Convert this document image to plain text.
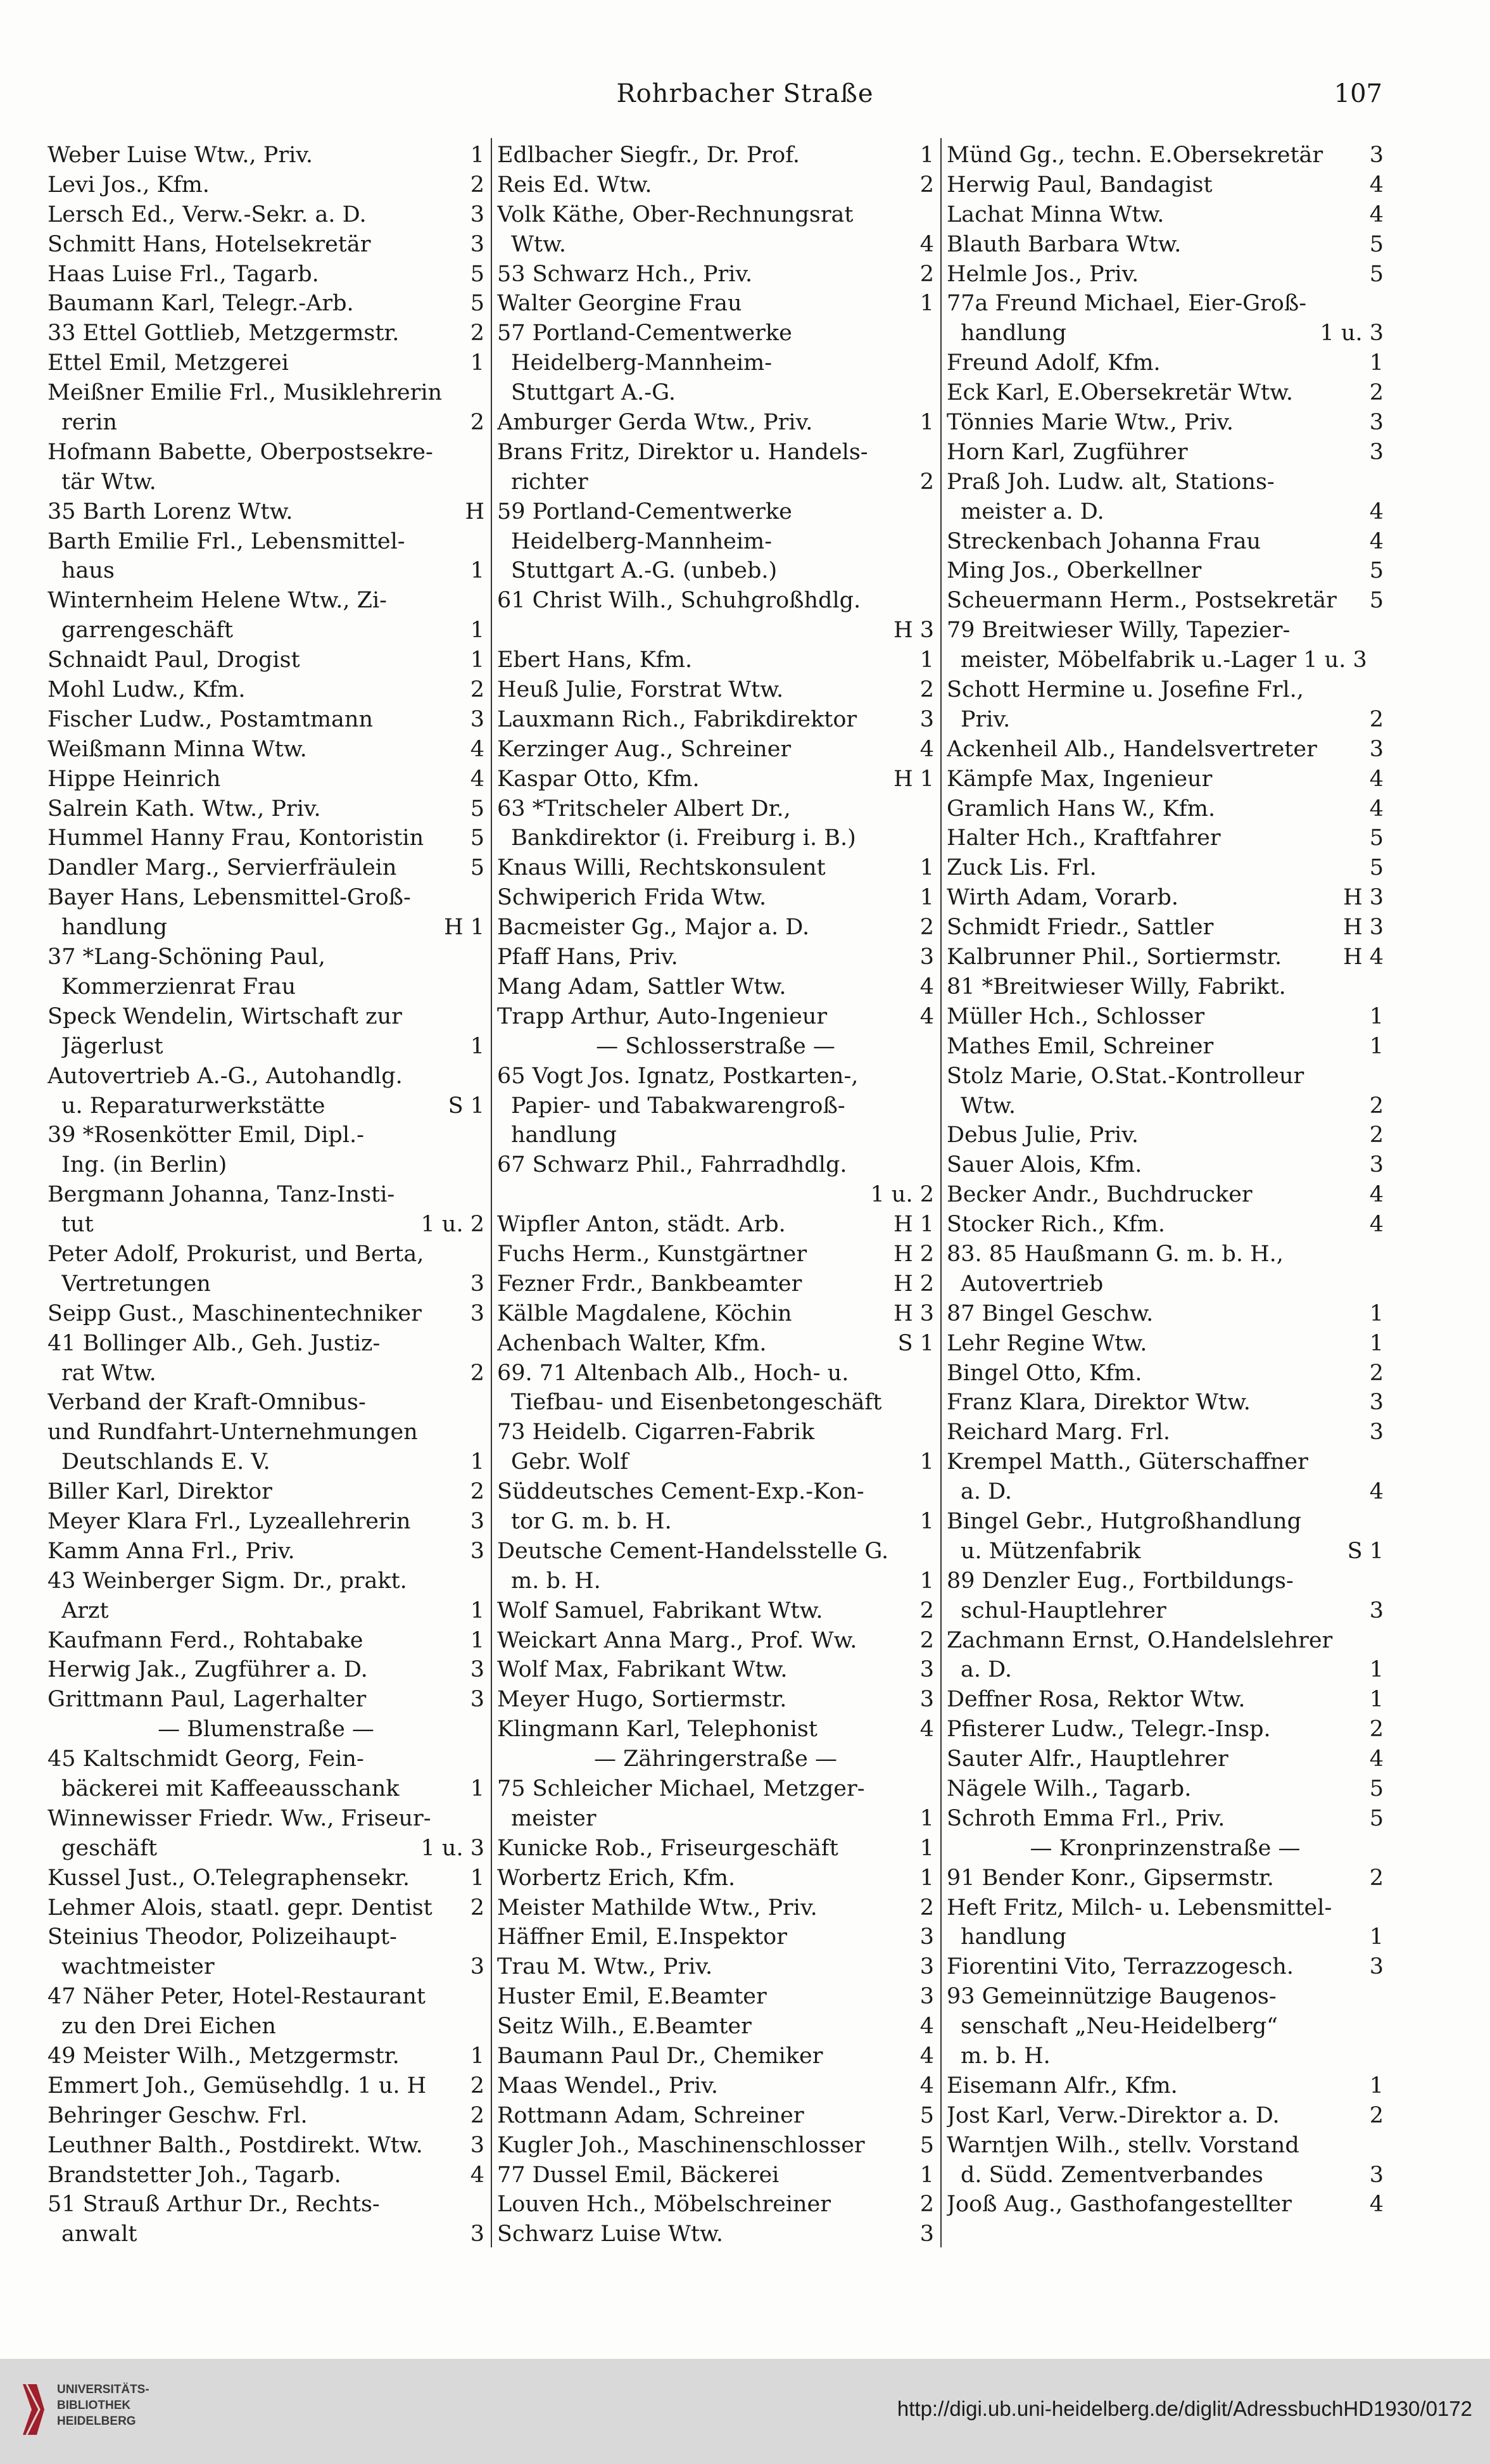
Rohrbacher Straße	107
Weber Luise Wtw., Priv.	1
Levi Jos., Kfm.	2
Lersch Ed., Verw.-Sekr. a. D.	3
Schmitt Hans, Hotelsekretär	3
Haas Luise Frl., Tagarb.	5
Baumann Karl, Telegr.-Arb.	5
33 Ettel Gottlieb, Metzgermstr.	2
Ettel Emil, Metzgerei	1
Meißner Emilie Frl., Musiklehrerin
rerin	2
Hofmann Babette, Oberpostsekre-
tär Wtw.
35 Barth Lorenz Wtw.	H
Barth Emilie Frl., Lebensmittel-
haus	1
Winternheim Helene Wtw., Zi-
garrengeschäft	1
Schnaidt Paul, Drogist	1
Mohl Ludw., Kfm.	2
Fischer Ludw., Postamtmann	3
Weißmann Minna Wtw.	4
Hippe Heinrich	4
Salrein Kath. Wtw., Priv.	5
Hummel Hanny Frau, Kontoristin	5
Dandler Marg., Servierfräulein	5
Bayer Hans, Lebensmittel-Groß-
handlung	H 1
37 *Lang-Schöning Paul,
Kommerzienrat Frau
Speck Wendelin, Wirtschaft zur
Jägerlust	1
Autovertrieb A.-G., Autohandlg.
u. Reparaturwerkstätte	S 1
39 *Rosenkötter Emil, Dipl.-
Ing. (in Berlin)
Bergmann Johanna, Tanz-Insti-
tut	1 u. 2
Peter Adolf, Prokurist, und Berta,
Vertretungen	3
Seipp Gust., Maschinentechniker	3
41 Bollinger Alb., Geh. Justiz-
rat Wtw.	2
Verband der Kraft-Omnibus-
und Rundfahrt-Unternehmungen
Deutschlands E. V.	1
Biller Karl, Direktor	2
Meyer Klara Frl., Lyzeallehrerin	3
Kamm Anna Frl., Priv.	3
43 Weinberger Sigm. Dr., prakt.
Arzt	1
Kaufmann Ferd., Rohtabake	1
Herwig Jak., Zugführer a. D.	3
Grittmann Paul, Lagerhalter	3
— Blumenstraße —
45 Kaltschmidt Georg, Fein-
bäckerei mit Kaffeeausschank	1
Winnewisser Friedr. Ww., Friseur-
geschäft	1 u. 3
Kussel Just., O.Telegraphensekr.	1
Lehmer Alois, staatl. gepr. Dentist	2
Steinius Theodor, Polizeihaupt-
wachtmeister	3
47 Näher Peter, Hotel-Restaurant
zu den Drei Eichen
49 Meister Wilh., Metzgermstr.	1
Emmert Joh., Gemüsehdlg. 1 u. H	2
Behringer Geschw. Frl.	2
Leuthner Balth., Postdirekt. Wtw.	3
Brandstetter Joh., Tagarb.	4
51 Strauß Arthur Dr., Rechts-
anwalt	3
Edlbacher Siegfr., Dr. Prof.	1
Reis Ed. Wtw.	2
Volk Käthe, Ober-Rechnungsrat
Wtw.	4
53 Schwarz Hch., Priv.	2
Walter Georgine Frau	1
57 Portland-Cementwerke
Heidelberg-Mannheim-
Stuttgart A.-G.
Amburger Gerda Wtw., Priv.	1
Brans Fritz, Direktor u. Handels-
richter	2
59 Portland-Cementwerke
Heidelberg-Mannheim-
Stuttgart A.-G. (unbeb.)
61 Christ Wilh., Schuhgroßhdlg.
H 3
Ebert Hans, Kfm.	1
Heuß Julie, Forstrat Wtw.	2
Lauxmann Rich., Fabrikdirektor	3
Kerzinger Aug., Schreiner	4
Kaspar Otto, Kfm.	H 1
63 *Tritscheler Albert Dr.,
Bankdirektor (i. Freiburg i. B.)
Knaus Willi, Rechtskonsulent	1
Schwiperich Frida Wtw.	1
Bacmeister Gg., Major a. D.	2
Pfaff Hans, Priv.	3
Mang Adam, Sattler Wtw.	4
Trapp Arthur, Auto-Ingenieur	4
— Schlosserstraße —
65 Vogt Jos. Ignatz, Postkarten-,
Papier- und Tabakwarengroß-
handlung
67 Schwarz Phil., Fahrradhdlg.
1 u. 2
Wipfler Anton, städt. Arb.	H 1
Fuchs Herm., Kunstgärtner	H 2
Fezner Frdr., Bankbeamter	H 2
Kälble Magdalene, Köchin	H 3
Achenbach Walter, Kfm.	S 1
69. 71 Altenbach Alb., Hoch- u.
Tiefbau- und Eisenbetongeschäft
73 Heidelb. Cigarren-Fabrik
Gebr. Wolf	1
Süddeutsches Cement-Exp.-Kon-
tor G. m. b. H.	1
Deutsche Cement-Handelsstelle G.
m. b. H.	1
Wolf Samuel, Fabrikant Wtw.	2
Weickart Anna Marg., Prof. Ww.	2
Wolf Max, Fabrikant Wtw.	3
Meyer Hugo, Sortiermstr.	3
Klingmann Karl, Telephonist	4
— Zähringerstraße —
75 Schleicher Michael, Metzger-
meister	1
Kunicke Rob., Friseurgeschäft	1
Worbertz Erich, Kfm.	1
Meister Mathilde Wtw., Priv.	2
Häffner Emil, E.Inspektor	3
Trau M. Wtw., Priv.	3
Huster Emil, E.Beamter	3
Seitz Wilh., E.Beamter	4
Baumann Paul Dr., Chemiker	4
Maas Wendel., Priv.	4
Rottmann Adam, Schreiner	5
Kugler Joh., Maschinenschlosser	5
77 Dussel Emil, Bäckerei	1
Louven Hch., Möbelschreiner	2
Schwarz Luise Wtw.	3
Münd Gg., techn. E.Obersekretär	3
Herwig Paul, Bandagist	4
Lachat Minna Wtw.	4
Blauth Barbara Wtw.	5
Helmle Jos., Priv.	5
77a Freund Michael, Eier-Groß-
handlung	1 u. 3
Freund Adolf, Kfm.	1
Eck Karl, E.Obersekretär Wtw.	2
Tönnies Marie Wtw., Priv.	3
Horn Karl, Zugführer	3
Praß Joh. Ludw. alt, Stations-
meister a. D.	4
Streckenbach Johanna Frau	4
Ming Jos., Oberkellner	5
Scheuermann Herm., Postsekretär	5
79 Breitwieser Willy, Tapezier-
meister, Möbelfabrik u.-Lager 1 u. 3
Schott Hermine u. Josefine Frl.,
Priv.	2
Ackenheil Alb., Handelsvertreter	3
Kämpfe Max, Ingenieur	4
Gramlich Hans W., Kfm.	4
Halter Hch., Kraftfahrer	5
Zuck Lis. Frl.	5
Wirth Adam, Vorarb.	H 3
Schmidt Friedr., Sattler	H 3
Kalbrunner Phil., Sortiermstr.	H 4
81 *Breitwieser Willy, Fabrikt.
Müller Hch., Schlosser	1
Mathes Emil, Schreiner	1
Stolz Marie, O.Stat.-Kontrolleur
Wtw.	2
Debus Julie, Priv.	2
Sauer Alois, Kfm.	3
Becker Andr., Buchdrucker	4
Stocker Rich., Kfm.	4
83. 85 Haußmann G. m. b. H.,
Autovertrieb
87 Bingel Geschw.	1
Lehr Regine Wtw.	1
Bingel Otto, Kfm.	2
Franz Klara, Direktor Wtw.	3
Reichard Marg. Frl.	3
Krempel Matth., Güterschaffner
a. D.	4
Bingel Gebr., Hutgroßhandlung
u. Mützenfabrik	S 1
89 Denzler Eug., Fortbildungs-
schul-Hauptlehrer	3
Zachmann Ernst, O.Handelslehrer
a. D.	1
Deffner Rosa, Rektor Wtw.	1
Pfisterer Ludw., Telegr.-Insp.	2
Sauter Alfr., Hauptlehrer	4
Nägele Wilh., Tagarb.	5
Schroth Emma Frl., Priv.	5
— Kronprinzenstraße —
91 Bender Konr., Gipsermstr.	2
Heft Fritz, Milch- u. Lebensmittel-
handlung	1
Fiorentini Vito, Terrazzogesch.	3
93 Gemeinnützige Baugenos-
senschaft „Neu-Heidelberg“
m. b. H.
Eisemann Alfr., Kfm.	1
Jost Karl, Verw.-Direktor a. D.	2
Warntjen Wilh., stellv. Vorstand
d. Südd. Zementverbandes	3
Jooß Aug., Gasthofangestellter	4
UNIVERSITÄTS-
BIBLIOTHEK
HEIDELBERG
http://digi.ub.uni-heidelberg.de/diglit/AdressbuchHD1930/0172
